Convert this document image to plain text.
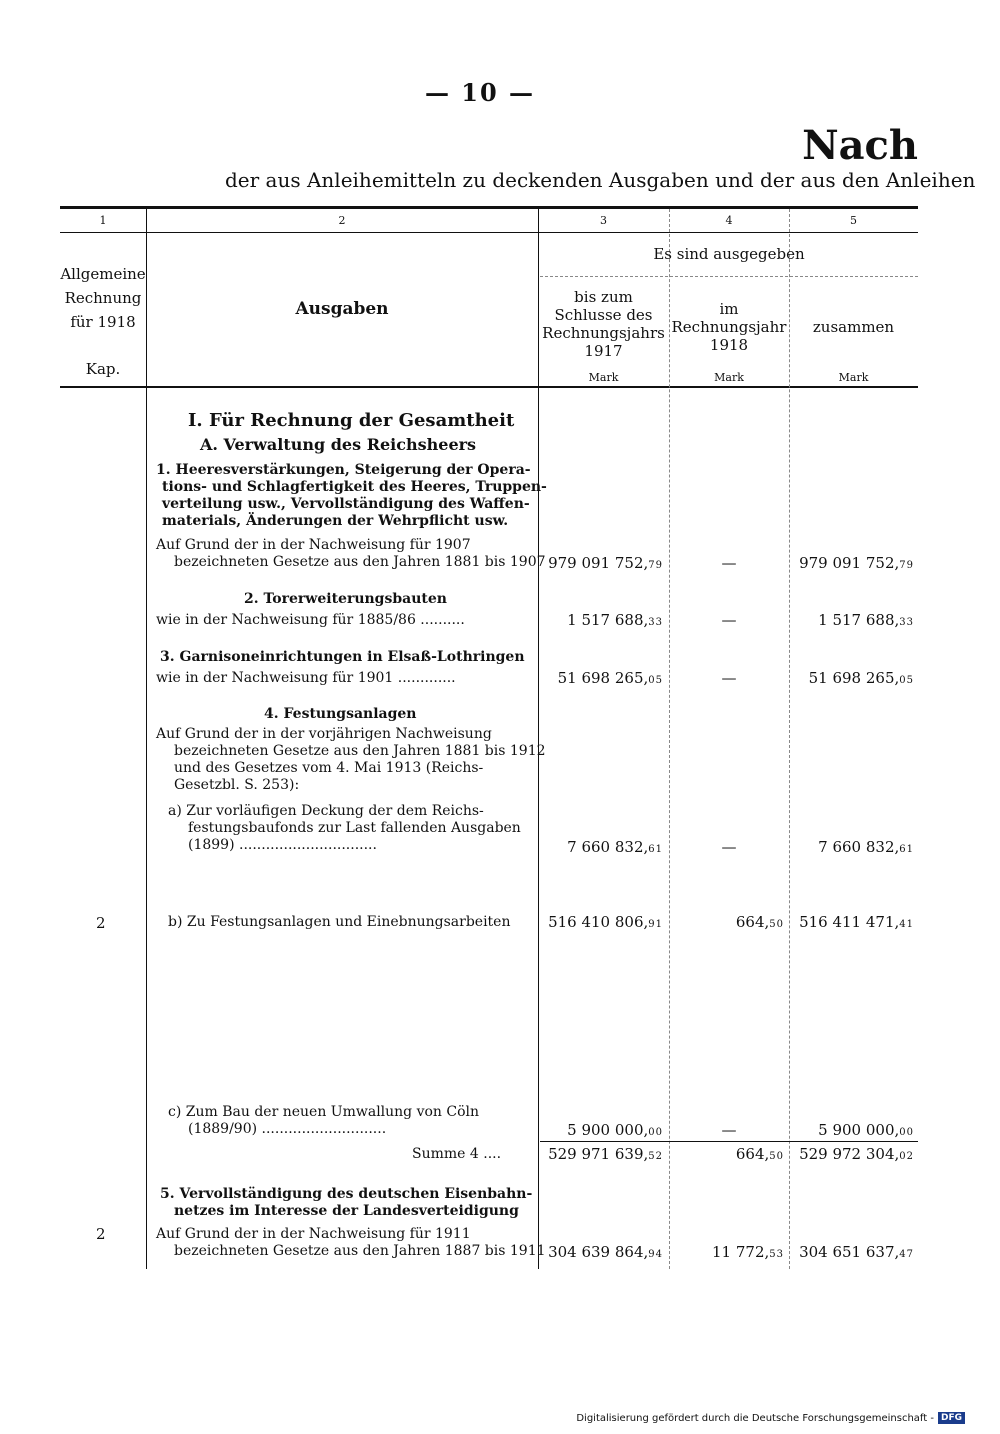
— 10 —
Nach
der aus Anleihemitteln zu deckenden Ausgaben und der aus den Anleihen
1	2	3	4	5
Allgemeine
Rechnung
für 1918
Kap.
Ausgaben
Es sind ausgegeben
bis zum
Schlusse des
Rechnungsjahrs
1917
im
Rechnungsjahr
1918
zusammen
Mark	Mark	Mark
I. Für Rechnung der Gesamtheit
A. Verwaltung des Reichsheers
1. Heeresverstärkungen, Steigerung der Opera-
tions- und Schlagfertigkeit des Heeres, Truppen-
verteilung usw., Vervollständigung des Waffen-
materials, Änderungen der Wehrpflicht usw.
Auf Grund der in der Nachweisung für 1907
bezeichneten Gesetze aus den Jahren 1881 bis 1907 979 091 752,79	—	979 091 752,79
2. Torerweiterungsbauten
wie in der Nachweisung für 1885/86 ..........	1 517 688,33	—	1 517 688,33
3. Garnisoneinrichtungen in Elsaß-Lothringen
wie in der Nachweisung für 1901 .............	51 698 265,05	—	51 698 265,05
4. Festungsanlagen
Auf Grund der in der vorjährigen Nachweisung
bezeichneten Gesetze aus den Jahren 1881 bis 1912
und des Gesetzes vom 4. Mai 1913 (Reichs-
Gesetzbl. S. 253):
a) Zur vorläufigen Deckung der dem Reichs-
festungsbaufonds zur Last fallenden Ausgaben
(1899) ...............................	7 660 832,61	—	7 660 832,61
2	b) Zu Festungsanlagen und Einebnungsarbeiten	516 410 806,91	664,50	516 411 471,41
c) Zum Bau der neuen Umwallung von Cöln
(1889/90) ............................	5 900 000,00	—	5 900 000,00
Summe 4 ....	529 971 639,52	664,50	529 972 304,02
5. Vervollständigung des deutschen Eisenbahn-
netzes im Interesse der Landesverteidigung
2	Auf Grund der in der Nachweisung für 1911
bezeichneten Gesetze aus den Jahren 1887 bis 1911 304 639 864,94	11 772,53	304 651 637,47
Digitalisierung gefördert durch die Deutsche Forschungsgemeinschaft - DFG
